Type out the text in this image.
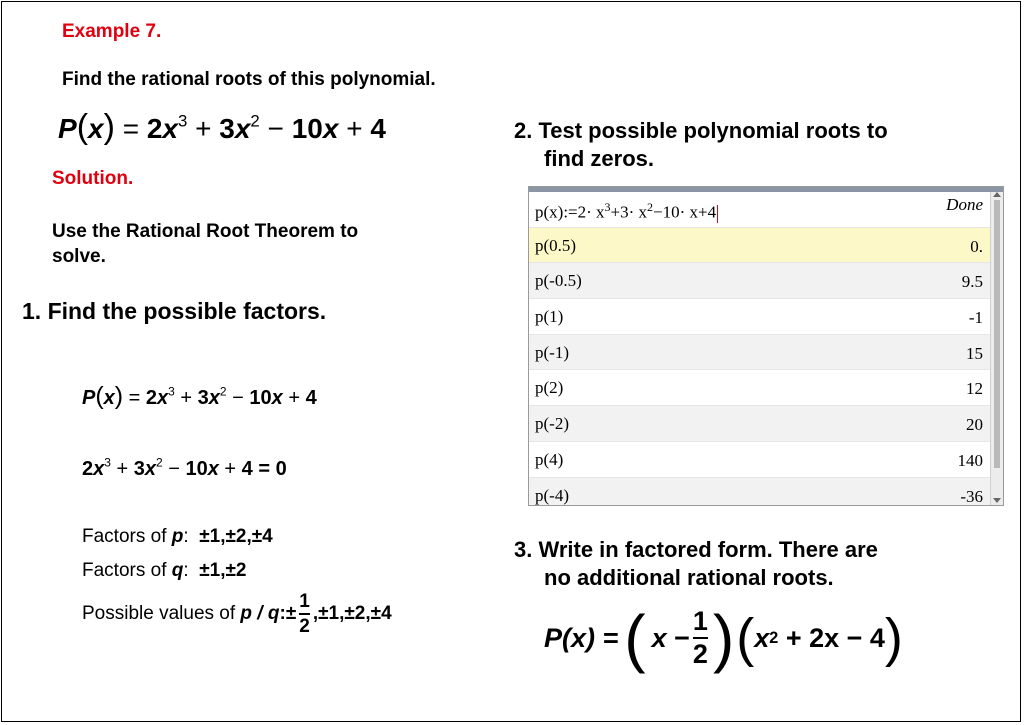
Example 7.
Find the rational roots of this polynomial.
$P(x) = 2x^3 + 3x^2 - 10x + 4$
Solution.
Use the Rational Root Theorem to
solve.
1. Find the possible factors.
$P(x) = 2x^3 + 3x^2 - 10x + 4$
$2x^3 + 3x^2 - 10x + 4 = 0$
Factors of p: ±1,±2,±4
Factors of q: ±1,±2
Possible values of p / q:± $\frac{1}{2} ,\pm 1,\pm 2,\pm 4$
2. Test possible polynomial roots to
find zeros.
p(x):=2· $x^3+3\cdot x^2-10\cdot x+4$	Done
p(0.5)	0.
p(-0.5)	9.5
p(1)	-1
p(-1)	15
p(2)	12
p(-2)	20
p(4)	140
p(-4)	-36
3. Write in factored form. There are
no additional rational roots.
P(x) = ( x
− $\frac{1}{2}$ ) ( x 2
+ 2x − 4 )
